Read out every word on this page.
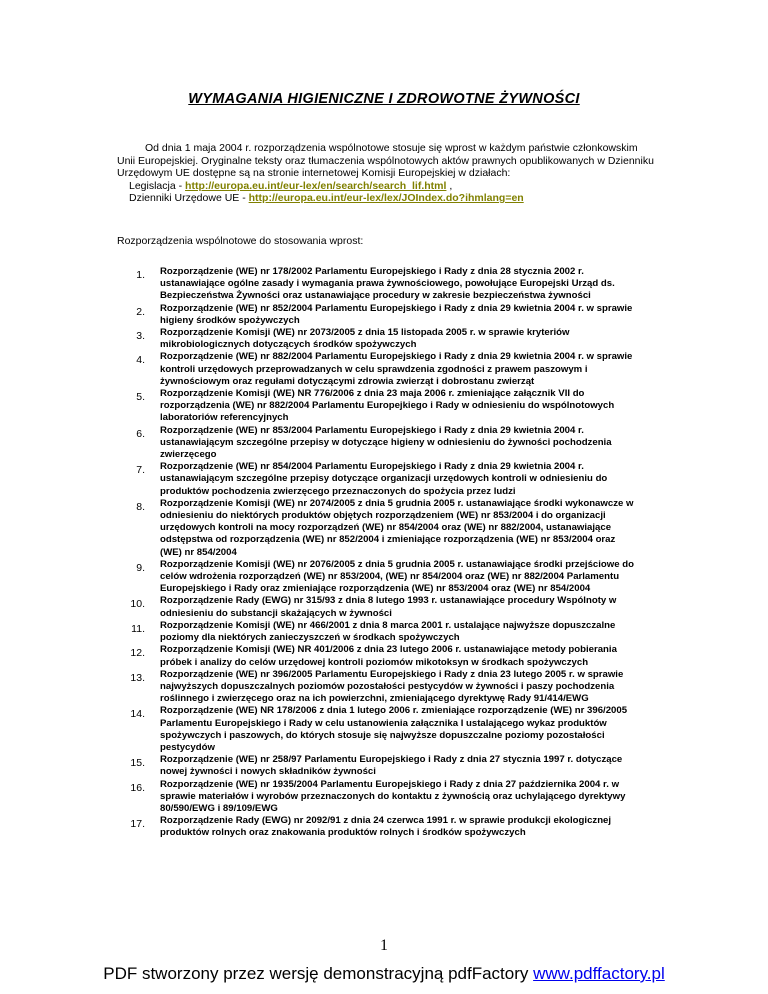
WYMAGANIA HIGIENICZNE I ZDROWOTNE ŻYWNOŚCI

Od dnia 1 maja 2004 r. rozporządzenia wspólnotowe stosuje się wprost w każdym państwie członkowskim Unii Europejskiej. Oryginalne teksty oraz tłumaczenia wspólnotowych aktów prawnych opublikowanych w Dzienniku Urzędowym UE dostępne są na stronie internetowej Komisji Europejskiej w działach:

Legislacja - http://europa.eu.int/eur-lex/en/search/search_lif.html ,

Dzienniki Urzędowe UE - http://europa.eu.int/eur-lex/lex/JOIndex.do?ihmlang=en

Rozporządzenia wspólnotowe do stosowania wprost:
1. Rozporządzenie (WE) nr 178/2002 Parlamentu Europejskiego i Rady z dnia 28 stycznia 2002 r. ustanawiające ogólne zasady i wymagania prawa żywnościowego, powołujące Europejski Urząd ds. Bezpieczeństwa Żywności oraz ustanawiające procedury w zakresie bezpieczeństwa żywności
2. Rozporządzenie (WE) nr 852/2004 Parlamentu Europejskiego i Rady z dnia 29 kwietnia 2004 r. w sprawie higieny środków spożywczych
3. Rozporządzenie Komisji (WE) nr 2073/2005 z dnia 15 listopada 2005 r. w sprawie kryteriów mikrobiologicznych dotyczących środków spożywczych
4. Rozporządzenie (WE) nr 882/2004 Parlamentu Europejskiego i Rady z dnia 29 kwietnia 2004 r. w sprawie kontroli urzędowych przeprowadzanych w celu sprawdzenia zgodności z prawem paszowym i żywnościowym oraz regułami dotyczącymi zdrowia zwierząt i dobrostanu zwierząt
5. Rozporządzenie Komisji (WE) NR 776/2006 z dnia 23 maja 2006 r. zmieniające załącznik VII do rozporządzenia (WE) nr 882/2004 Parlamentu Europejkiego i Rady w odniesieniu do wspólnotowych laboratoriów referencyjnych
6. Rozporządzenie (WE) nr 853/2004 Parlamentu Europejskiego i Rady z dnia 29 kwietnia 2004 r. ustanawiającym szczególne przepisy w dotyczące higieny w odniesieniu do żywności pochodzenia zwierzęcego
7. Rozporządzenie (WE) nr 854/2004 Parlamentu Europejskiego i Rady z dnia 29 kwietnia 2004 r. ustanawiającym szczególne przepisy dotyczące organizacji urzędowych kontroli w odniesieniu do produktów pochodzenia zwierzęcego przeznaczonych do spożycia przez ludzi
8. Rozporządzenie Komisji (WE) nr 2074/2005 z dnia 5 grudnia 2005 r. ustanawiające środki wykonawcze w odniesieniu do niektórych produktów objętych rozporządzeniem (WE) nr 853/2004 i do organizacji urzędowych kontroli na mocy rozporządzeń (WE) nr 854/2004 oraz (WE) nr 882/2004, ustanawiające odstępstwa od rozporządzenia (WE) nr 852/2004 i zmieniające rozporządzenia (WE) nr 853/2004 oraz (WE) nr 854/2004
9. Rozporządzenie Komisji (WE) nr 2076/2005 z dnia 5 grudnia 2005 r. ustanawiające środki przejściowe do celów wdrożenia rozporządzeń (WE) nr 853/2004, (WE) nr 854/2004 oraz (WE) nr 882/2004 Parlamentu Europejskiego i Rady oraz zmieniające rozporządzenia (WE) nr 853/2004 oraz (WE) nr 854/2004
10. Rozporządzenie Rady (EWG) nr 315/93 z dnia 8 lutego 1993 r. ustanawiające procedury Wspólnoty w odniesieniu do substancji skażających w żywności
11. Rozporządzenie Komisji (WE) nr 466/2001 z dnia 8 marca 2001 r. ustalające najwyższe dopuszczalne poziomy dla niektórych zanieczyszczeń w środkach spożywczych
12. Rozporządzenie Komisji (WE) NR 401/2006 z dnia 23 lutego 2006 r. ustanawiające metody pobierania próbek i analizy do celów urzędowej kontroli poziomów mikotoksyn w środkach spożywczych
13. Rozporządzenie (WE) nr 396/2005 Parlamentu Europejskiego i Rady z dnia 23 lutego 2005 r. w sprawie najwyższych dopuszczalnych poziomów pozostałości pestycydów w żywności i paszy pochodzenia roślinnego i zwierzęcego oraz na ich powierzchni, zmieniającego dyrektywę Rady 91/414/EWG
14. Rozporządzenie (WE) NR 178/2006 z dnia 1 lutego 2006 r. zmieniające rozporządzenie (WE) nr 396/2005 Parlamentu Europejskiego i Rady w celu ustanowienia załącznika I ustalającego wykaz produktów spożywczych i paszowych, do których stosuje się najwyższe dopuszczalne poziomy pozostałości pestycydów
15. Rozporządzenie (WE) nr 258/97 Parlamentu Europejskiego i Rady z dnia 27 stycznia 1997 r. dotyczące nowej żywności i nowych składników żywności
16. Rozporządzenie (WE) nr 1935/2004 Parlamentu Europejskiego i Rady z dnia 27 października 2004 r. w sprawie materiałów i wyrobów przeznaczonych do kontaktu z żywnością oraz uchylającego dyrektywy 80/590/EWG i 89/109/EWG
17. Rozporządzenie Rady (EWG) nr 2092/91 z dnia 24 czerwca 1991 r. w sprawie produkcji ekologicznej produktów rolnych oraz znakowania produktów rolnych i środków spożywczych
1
PDF stworzony przez wersję demonstracyjną pdfFactory www.pdffactory.pl
